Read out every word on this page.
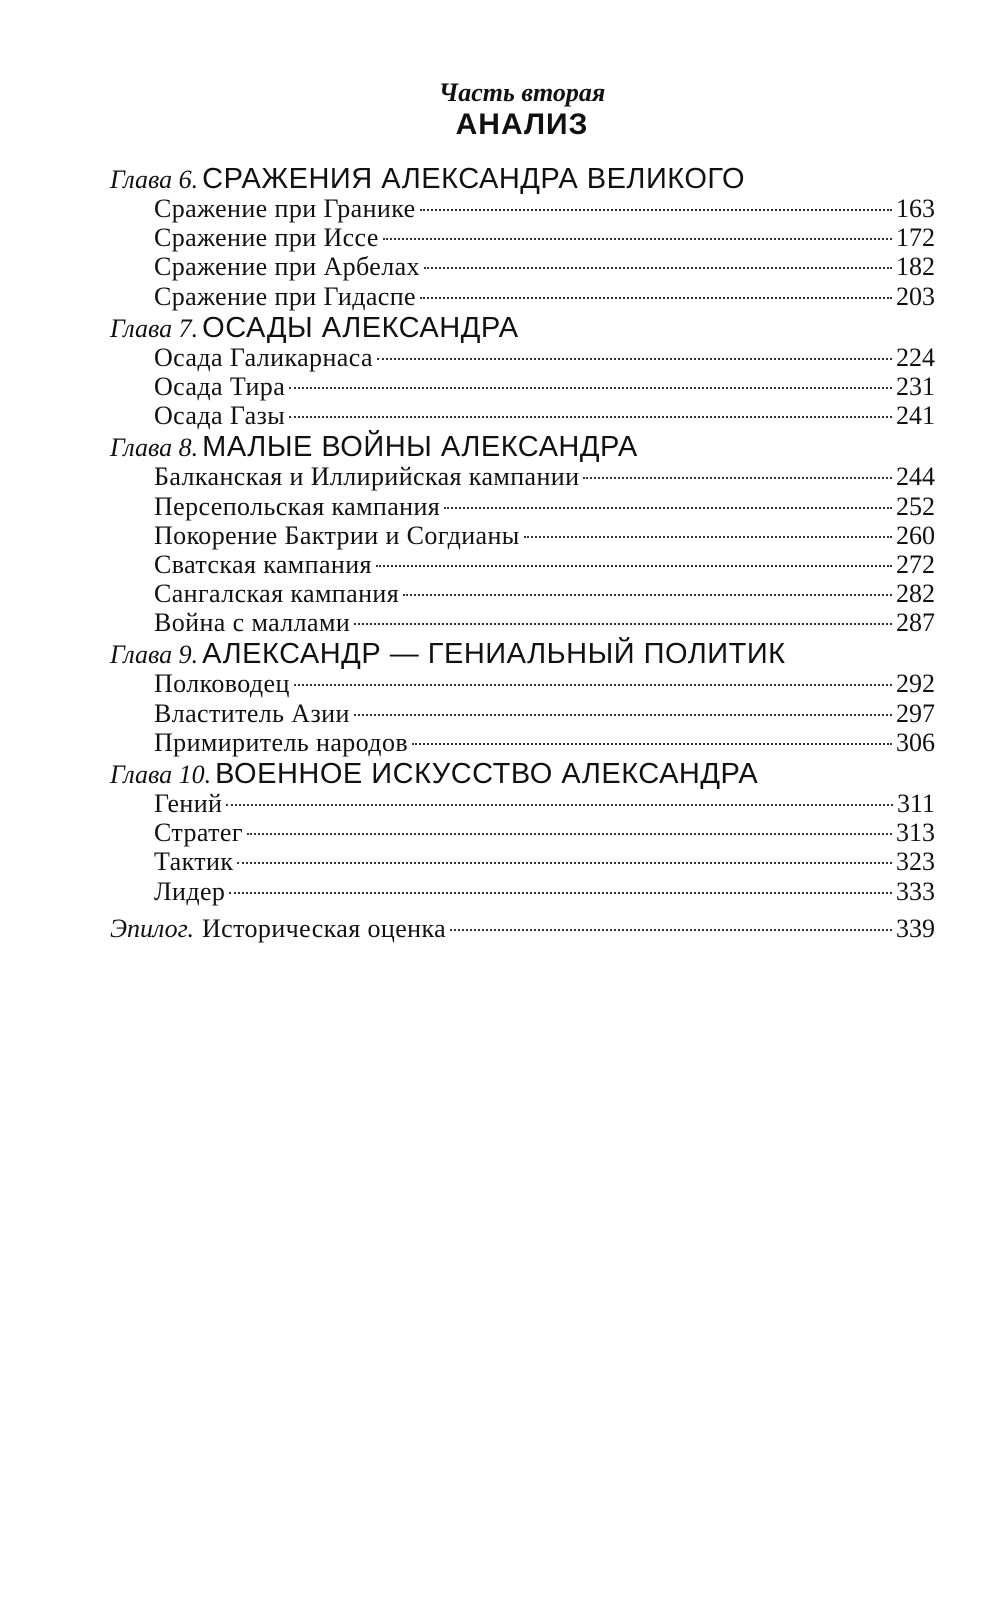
Часть вторая
АНАЛИЗ
Глава 6. СРАЖЕНИЯ АЛЕКСАНДРА ВЕЛИКОГО
Сражение при Гранике	163
Сражение при Иссе	172
Сражение при Арбелах	182
Сражение при Гидаспе	203
Глава 7. ОСАДЫ АЛЕКСАНДРА
Осада Галикарнаса	224
Осада Тира	231
Осада Газы	241
Глава 8. МАЛЫЕ ВОЙНЫ АЛЕКСАНДРА
Балканская и Иллирийская кампании	244
Персепольская кампания	252
Покорение Бактрии и Согдианы	260
Сватская кампания	272
Сангалская кампания	282
Война с маллами	287
Глава 9. АЛЕКСАНДР — ГЕНИАЛЬНЫЙ ПОЛИТИК
Полководец	292
Властитель Азии	297
Примиритель народов	306
Глава 10. ВОЕННОЕ ИСКУССТВО АЛЕКСАНДРА
Гений	311
Стратег	313
Тактик	323
Лидер	333
Эпилог. Историческая оценка	339
